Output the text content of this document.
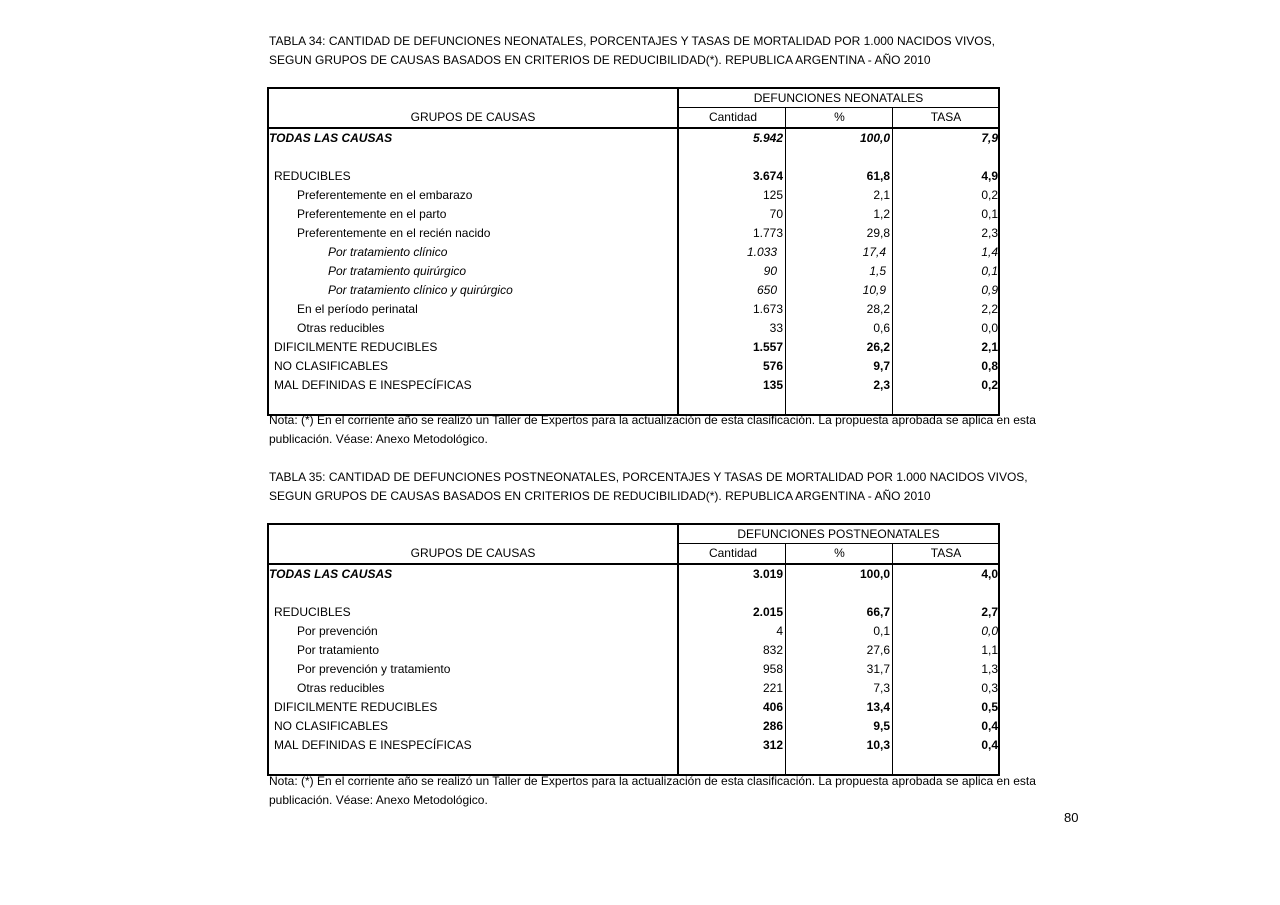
TABLA 34: CANTIDAD DE DEFUNCIONES NEONATALES, PORCENTAJES Y TASAS DE MORTALIDAD POR 1.000 NACIDOS VIVOS,
SEGUN GRUPOS DE CAUSAS BASADOS EN CRITERIOS DE REDUCIBILIDAD(*). REPUBLICA ARGENTINA - AÑO 2010
GRUPOS DE CAUSAS
DEFUNCIONES NEONATALES
Cantidad	%	TASA
TODAS LAS CAUSAS	5.942	100,0	7,9
REDUCIBLES	3.674	61,8	4,9
Preferentemente en el embarazo	125	2,1	0,2
Preferentemente en el parto	70	1,2	0,1
Preferentemente en el recién nacido	1.773	29,8	2,3
Por tratamiento clínico	1.033	17,4	1,4
Por tratamiento quirúrgico	90	1,5	0,1
Por tratamiento clínico y quirúrgico	650	10,9	0,9
En el período perinatal	1.673	28,2	2,2
Otras reducibles	33	0,6	0,0
DIFICILMENTE REDUCIBLES	1.557	26,2	2,1
NO CLASIFICABLES	576	9,7	0,8
MAL DEFINIDAS E INESPECÍFICAS	135	2,3	0,2
Nota: (*) En el corriente año se realizó un Taller de Expertos para la actualización de esta clasificación. La propuesta aprobada se aplica en esta
publicación. Véase: Anexo Metodológico.
TABLA 35: CANTIDAD DE DEFUNCIONES POSTNEONATALES, PORCENTAJES Y TASAS DE MORTALIDAD POR 1.000 NACIDOS VIVOS,
SEGUN GRUPOS DE CAUSAS BASADOS EN CRITERIOS DE REDUCIBILIDAD(*). REPUBLICA ARGENTINA - AÑO 2010
GRUPOS DE CAUSAS
DEFUNCIONES POSTNEONATALES
Cantidad	%	TASA
TODAS LAS CAUSAS	3.019	100,0	4,0
REDUCIBLES	2.015	66,7	2,7
Por prevención	4	0,1	0,0
Por tratamiento	832	27,6	1,1
Por prevención y tratamiento	958	31,7	1,3
Otras reducibles	221	7,3	0,3
DIFICILMENTE REDUCIBLES	406	13,4	0,5
NO CLASIFICABLES	286	9,5	0,4
MAL DEFINIDAS E INESPECÍFICAS	312	10,3	0,4
Nota: (*) En el corriente año se realizó un Taller de Expertos para la actualización de esta clasificación. La propuesta aprobada se aplica en esta
publicación. Véase: Anexo Metodológico.
80
